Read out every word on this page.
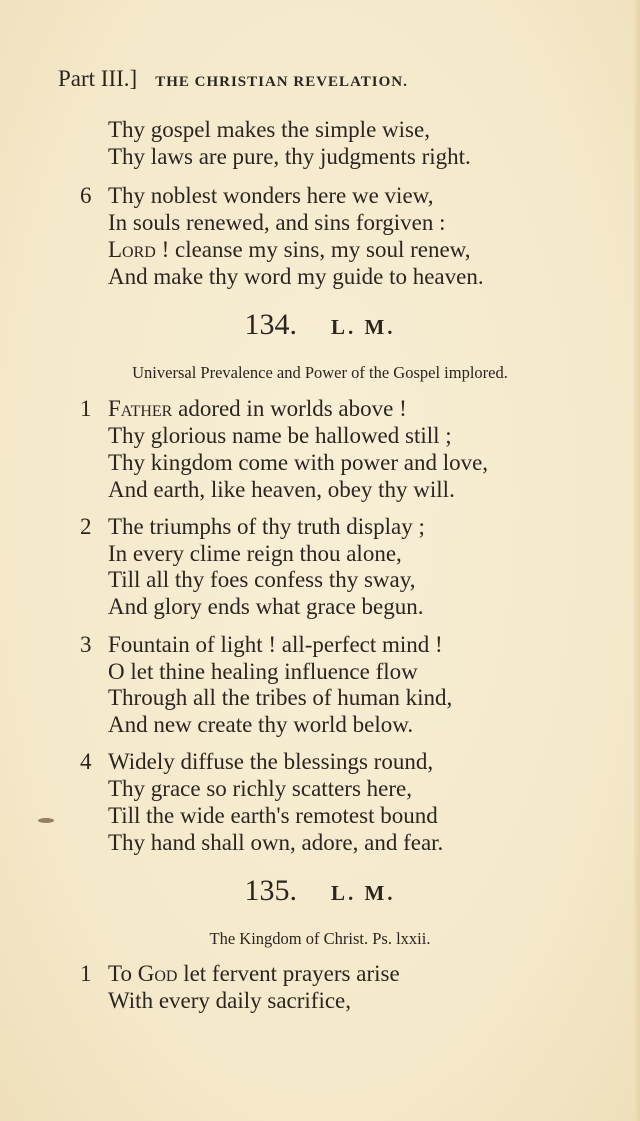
Part III.] THE CHRISTIAN REVELATION.
Thy gospel makes the simple wise,
Thy laws are pure, thy judgments right.
6 Thy noblest wonders here we view,
In souls renewed, and sins forgiven :
Lord ! cleanse my sins, my soul renew,
And make thy word my guide to heaven.
134. L. M.
Universal Prevalence and Power of the Gospel implored.
1 Father adored in worlds above !
Thy glorious name be hallowed still ;
Thy kingdom come with power and love,
And earth, like heaven, obey thy will.
2 The triumphs of thy truth display ;
In every clime reign thou alone,
Till all thy foes confess thy sway,
And glory ends what grace begun.
3 Fountain of light ! all-perfect mind !
O let thine healing influence flow
Through all the tribes of human kind,
And new create thy world below.
4 Widely diffuse the blessings round,
Thy grace so richly scatters here,
Till the wide earth's remotest bound
Thy hand shall own, adore, and fear.
135. L. M.
The Kingdom of Christ. Ps. lxxii.
1 To God let fervent prayers arise
With every daily sacrifice,
